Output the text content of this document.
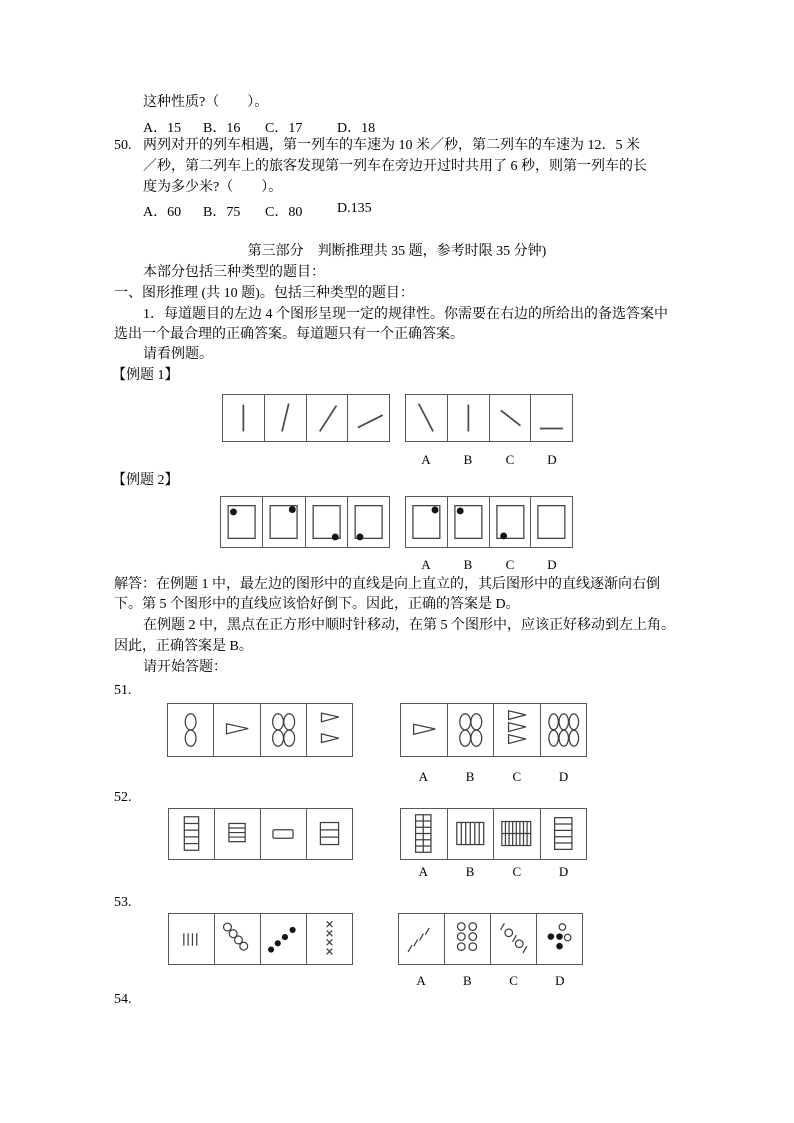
这种性质?（　　）。
A．15 B．16 C．17 D．18
50. 两列对开的列车相遇，第一列车的车速为 10 米／秒，第二列车的车速为 12．5 米
／秒，第二列车上的旅客发现第一列车在旁边开过时共用了 6 秒，则第一列车的长
度为多少米?（　　）。
A．60 B．75 C．80 D.135
第三部分　判断推理共 35 题，参考时限 35 分钟)
本部分包括三种类型的题目：
一、图形推理 (共 10 题)。包括三种类型的题目：
1．每道题目的左边 4 个图形呈现一定的规律性。你需要在右边的所给出的备选答案中
选出一个最合理的正确答案。每道题只有一个正确答案。
请看例题。
【例题 1】
A	B	C	D
【例题 2】
A	B	C	D
解答：在例题 1 中，最左边的图形中的直线是向上直立的，其后图形中的直线逐渐向右倒
下。第 5 个图形中的直线应该恰好倒下。因此，正确的答案是 D。
在例题 2 中，黑点在正方形中顺时针移动，在第 5 个图形中，应该正好移动到左上角。
因此，正确答案是 B。
请开始答题：
51.
A	B	C	D
52.
A	B	C	D
53.
A	B	C	D
54.
